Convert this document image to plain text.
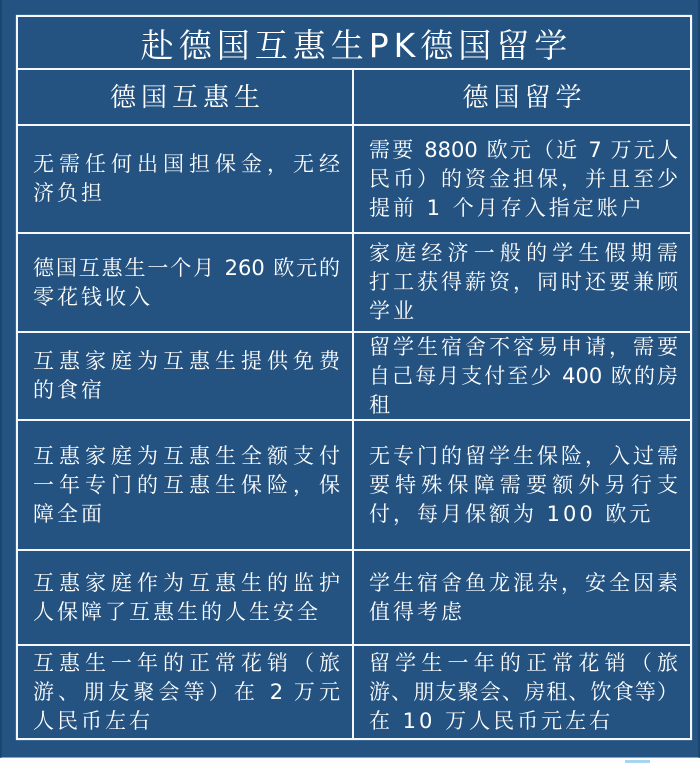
赴德国互惠生PK德国留学
德国互惠生	德国留学
无需任何出国担保金，无经
济负担
需要 8800 欧元（近 7 万元人
民币）的资金担保，并且至少
提前 1 个月存入指定账户
德国互惠生一个月 260 欧元的
零花钱收入
家庭经济一般的学生假期需
打工获得薪资，同时还要兼顾
学业
互惠家庭为互惠生提供免费
的食宿
留学生宿舍不容易申请，需要
自己每月支付至少 400 欧的房
租
互惠家庭为互惠生全额支付
一年专门的互惠生保险，保
障全面
无专门的留学生保险，入过需
要特殊保障需要额外另行支
付，每月保额为 100 欧元
互惠家庭作为互惠生的监护
人保障了互惠生的人生安全
学生宿舍鱼龙混杂，安全因素
值得考虑
互惠生一年的正常花销（旅
游、朋友聚会等）在 2 万元
人民币左右
留学生一年的正常花销（旅
游、朋友聚会、房租、饮食等）
在 10 万人民币元左右
